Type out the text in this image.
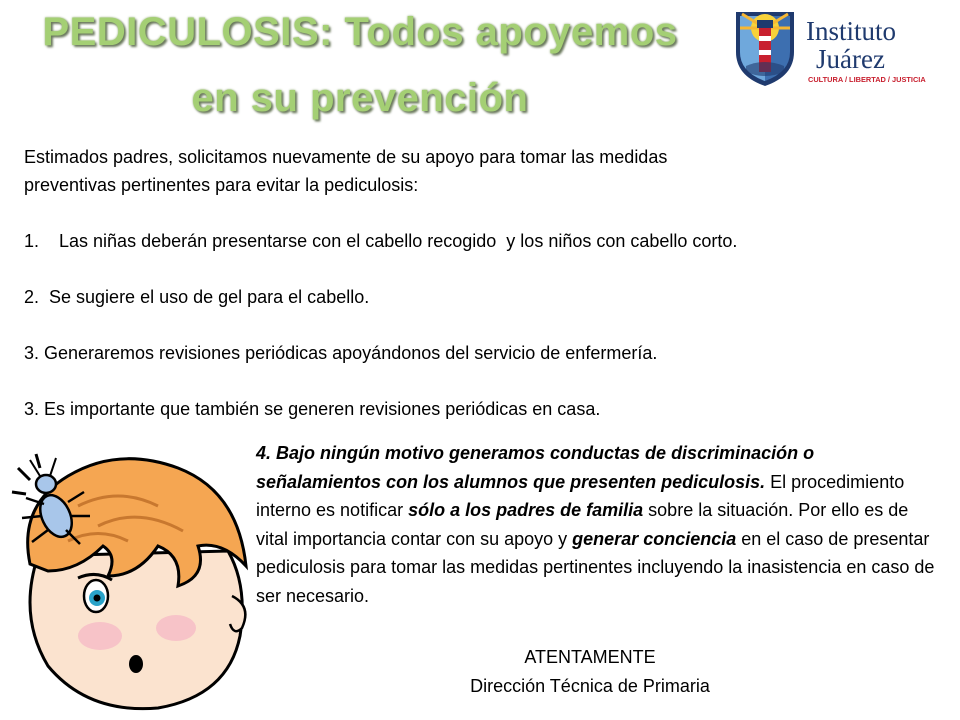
PEDICULOSIS: Todos apoyemos
en su prevención
Instituto
Juárez
CULTURA / LIBERTAD / JUSTICIA

Estimados padres, solicitamos nuevamente de su apoyo para tomar las medidas

preventivas pertinentes para evitar la pediculosis:

1.    Las niñas deberán presentarse con el cabello recogido  y los niños con cabello corto.

2.  Se sugiere el uso de gel para el cabello.

3. Generaremos revisiones periódicas apoyándonos del servicio de enfermería.

3. Es importante que también se generen revisiones periódicas en casa.

4. Bajo ningún motivo generamos conductas de discriminación o señalamientos con los alumnos que presenten pediculosis. El procedimiento interno es notificar sólo a los padres de familia sobre la situación. Por ello es de vital importancia contar con su apoyo y generar conciencia en el caso de presentar pediculosis para tomar las medidas pertinentes incluyendo la inasistencia en caso de ser necesario.
ATENTAMENTE
Dirección Técnica de Primaria
